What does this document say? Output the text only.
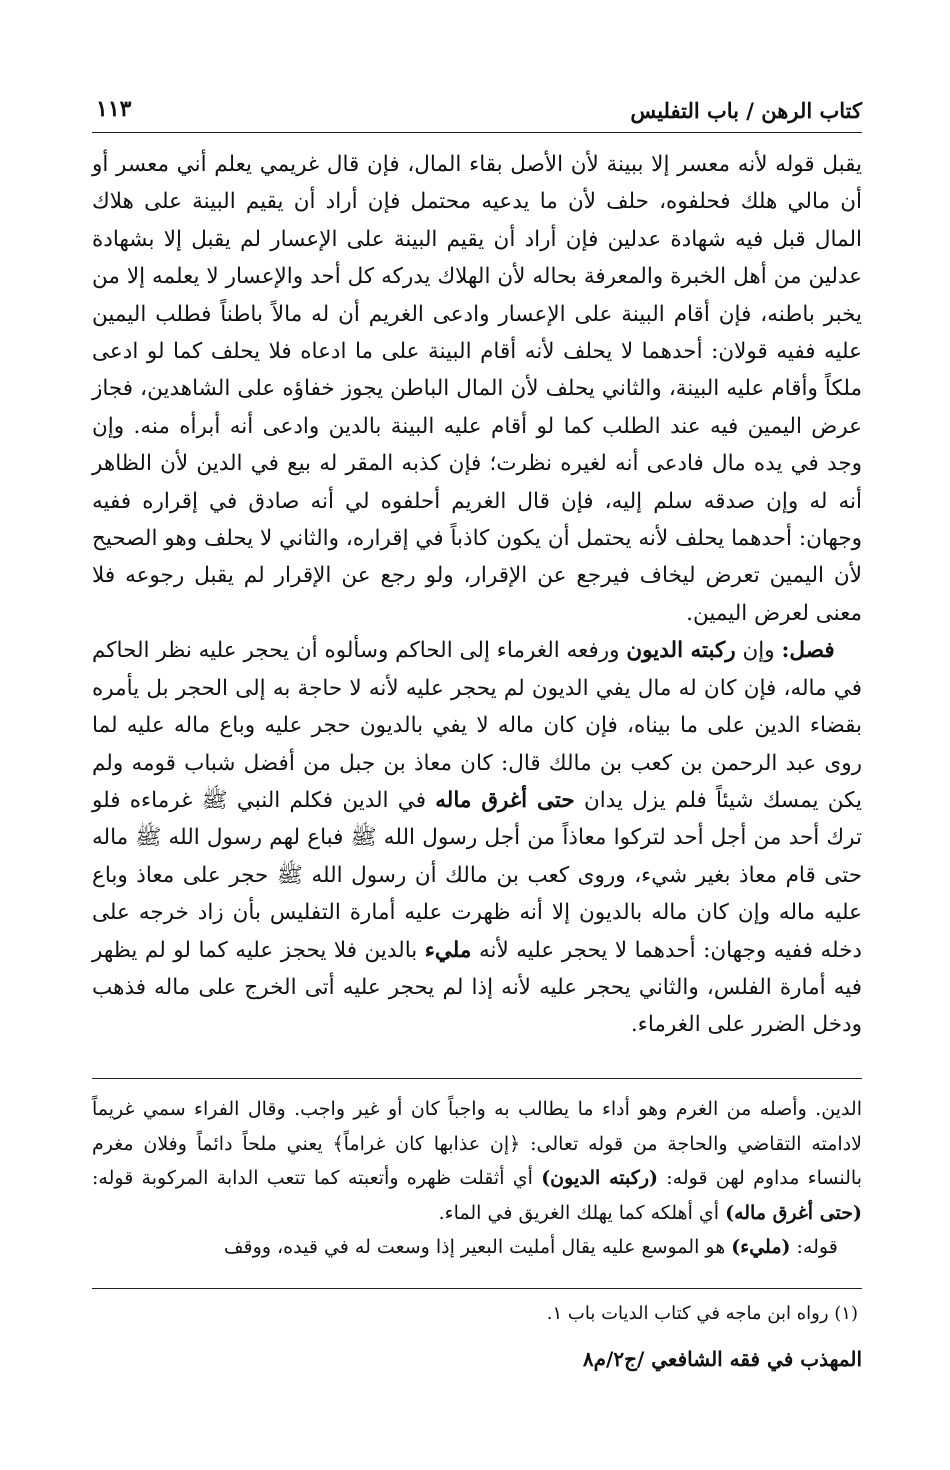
كتاب الرهن / باب التفليس
١١٣

يقبل قوله لأنه معسر إلا ببينة لأن الأصل بقاء المال، فإن قال غريمي يعلم أني معسر أو أن مالي هلك فحلفوه، حلف لأن ما يدعيه محتمل فإن أراد أن يقيم البينة على هلاك المال قبل فيه شهادة عدلين فإن أراد أن يقيم البينة على الإعسار لم يقبل إلا بشهادة عدلين من أهل الخبرة والمعرفة بحاله لأن الهلاك يدركه كل أحد والإعسار لا يعلمه إلا من يخبر باطنه، فإن أقام البينة على الإعسار وادعى الغريم أن له مالاً باطناً فطلب اليمين عليه ففيه قولان: أحدهما لا يحلف لأنه أقام البينة على ما ادعاه فلا يحلف كما لو ادعى ملكاً وأقام عليه البينة، والثاني يحلف لأن المال الباطن يجوز خفاؤه على الشاهدين، فجاز عرض اليمين فيه عند الطلب كما لو أقام عليه البينة بالدين وادعى أنه أبرأه منه. وإن وجد في يده مال فادعى أنه لغيره نظرت؛ فإن كذبه المقر له بيع في الدين لأن الظاهر أنه له وإن صدقه سلم إليه، فإن قال الغريم أحلفوه لي أنه صادق في إقراره ففيه وجهان: أحدهما يحلف لأنه يحتمل أن يكون كاذباً في إقراره، والثاني لا يحلف وهو الصحيح لأن اليمين تعرض ليخاف فيرجع عن الإقرار، ولو رجع عن الإقرار لم يقبل رجوعه فلا معنى لعرض اليمين.

​    فصل: وإن ركبته الديون ورفعه الغرماء إلى الحاكم وسألوه أن يحجر عليه نظر الحاكم في ماله، فإن كان له مال يفي الديون لم يحجر عليه لأنه لا حاجة به إلى الحجر بل يأمره بقضاء الدين على ما بيناه، فإن كان ماله لا يفي بالديون حجر عليه وباع ماله عليه لما روى عبد الرحمن بن كعب بن مالك قال: كان معاذ بن جبل من أفضل شباب قومه ولم يكن يمسك شيئاً فلم يزل يدان حتى أغرق ماله في الدين فكلم النبي ﷺ غرماءه فلو ترك أحد من أجل أحد لتركوا معاذاً من أجل رسول الله ﷺ فباع لهم رسول الله ﷺ ماله حتى قام معاذ بغير شيء، وروى كعب بن مالك أن رسول الله ﷺ حجر على معاذ وباع عليه ماله وإن كان ماله بالديون إلا أنه ظهرت عليه أمارة التفليس بأن زاد خرجه على دخله ففيه وجهان: أحدهما لا يحجر عليه لأنه مليء بالدين فلا يحجز عليه كما لو لم يظهر فيه أمارة الفلس، والثاني يحجر عليه لأنه إذا لم يحجر عليه أتى الخرج على ماله فذهب ودخل الضرر على الغرماء.

الدين. وأصله من الغرم وهو أداء ما يطالب به واجباً كان أو غير واجب. وقال الفراء سمي غريماً لادامته التقاضي والحاجة من قوله تعالى: ﴿إن عذابها كان غراماً﴾ يعني ملحاً دائماً وفلان مغرم بالنساء مداوم لهن قوله: (ركبته الديون) أي أثقلت ظهره وأتعبته كما تتعب الدابة المركوبة قوله: (حتى أغرق ماله) أي أهلكه كما يهلك الغريق في الماء.

قوله: (مليء) هو الموسع عليه يقال أمليت البعير إذا وسعت له في قيده، ووقف

(١) رواه ابن ماجه في كتاب الديات باب ١.
المهذب في فقه الشافعي /ج٢/م٨
